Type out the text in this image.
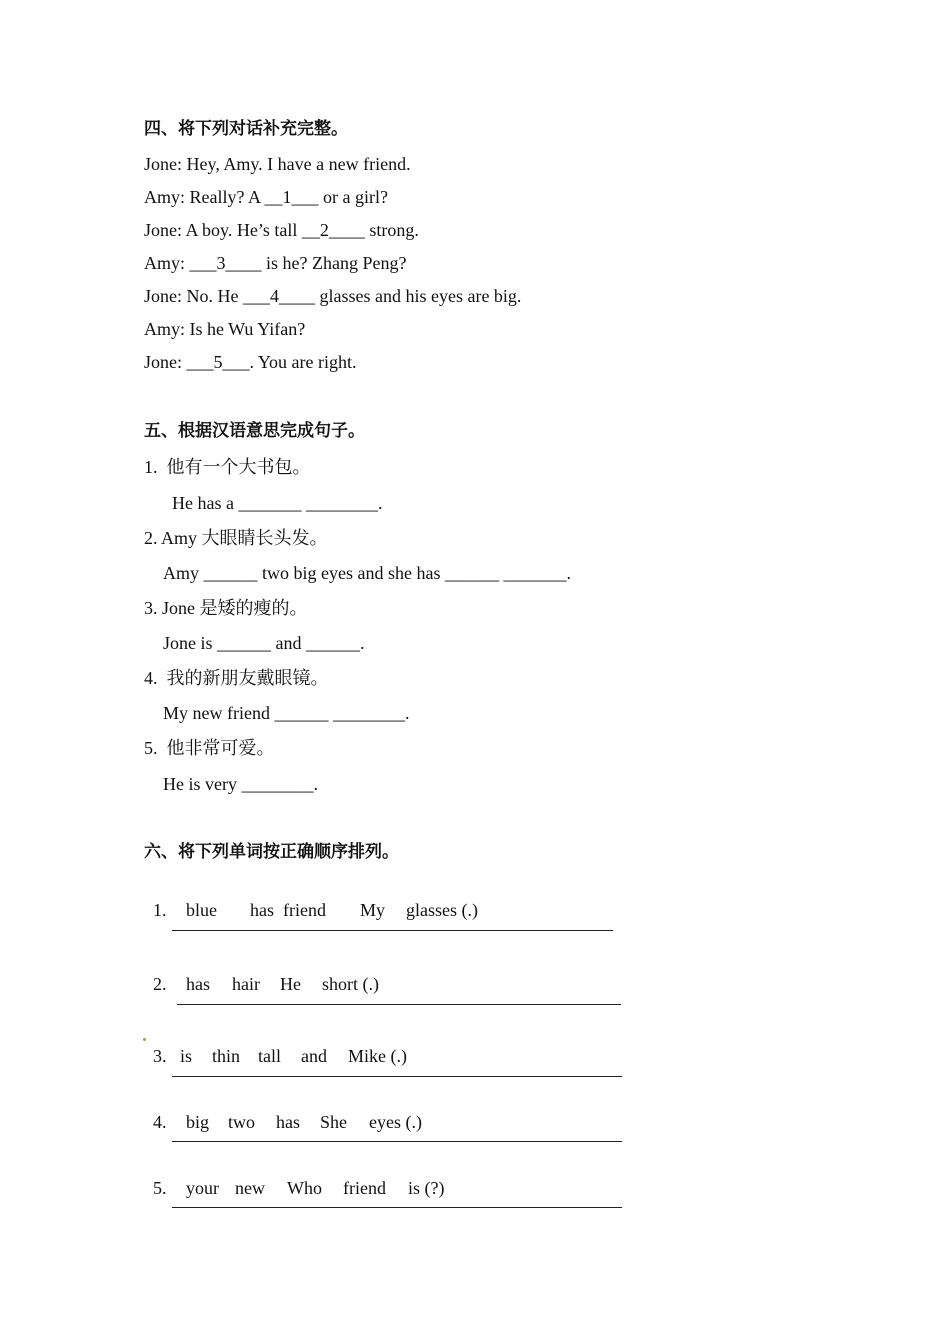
四、将下列对话补充完整。
Jone: Hey, Amy. I have a new friend.
Amy: Really? A __1___ or a girl?
Jone: A boy. He’s tall __2____ strong.
Amy: ___3____ is he? Zhang Peng?
Jone: No. He ___4____ glasses and his eyes are big.
Amy: Is he Wu Yifan?
Jone: ___5___. You are right.
五、根据汉语意思完成句子。
1.  他有一个大书包。
He has a _______ ________.
2. Amy 大眼睛长头发。
Amy ______ two big eyes and she has ______ _______.
3. Jone 是矮的瘦的。
Jone is ______ and ______.
4.  我的新朋友戴眼镜。
My new friend ______ ________.
5.  他非常可爱。
He is very ________.
六、将下列单词按正确顺序排列。

1. blue has friend My glasses (.)

2. has hair He short (.)

3. is thin tall and Mike (.)

4. big two has She eyes (.)

5. your new Who friend is (?)
